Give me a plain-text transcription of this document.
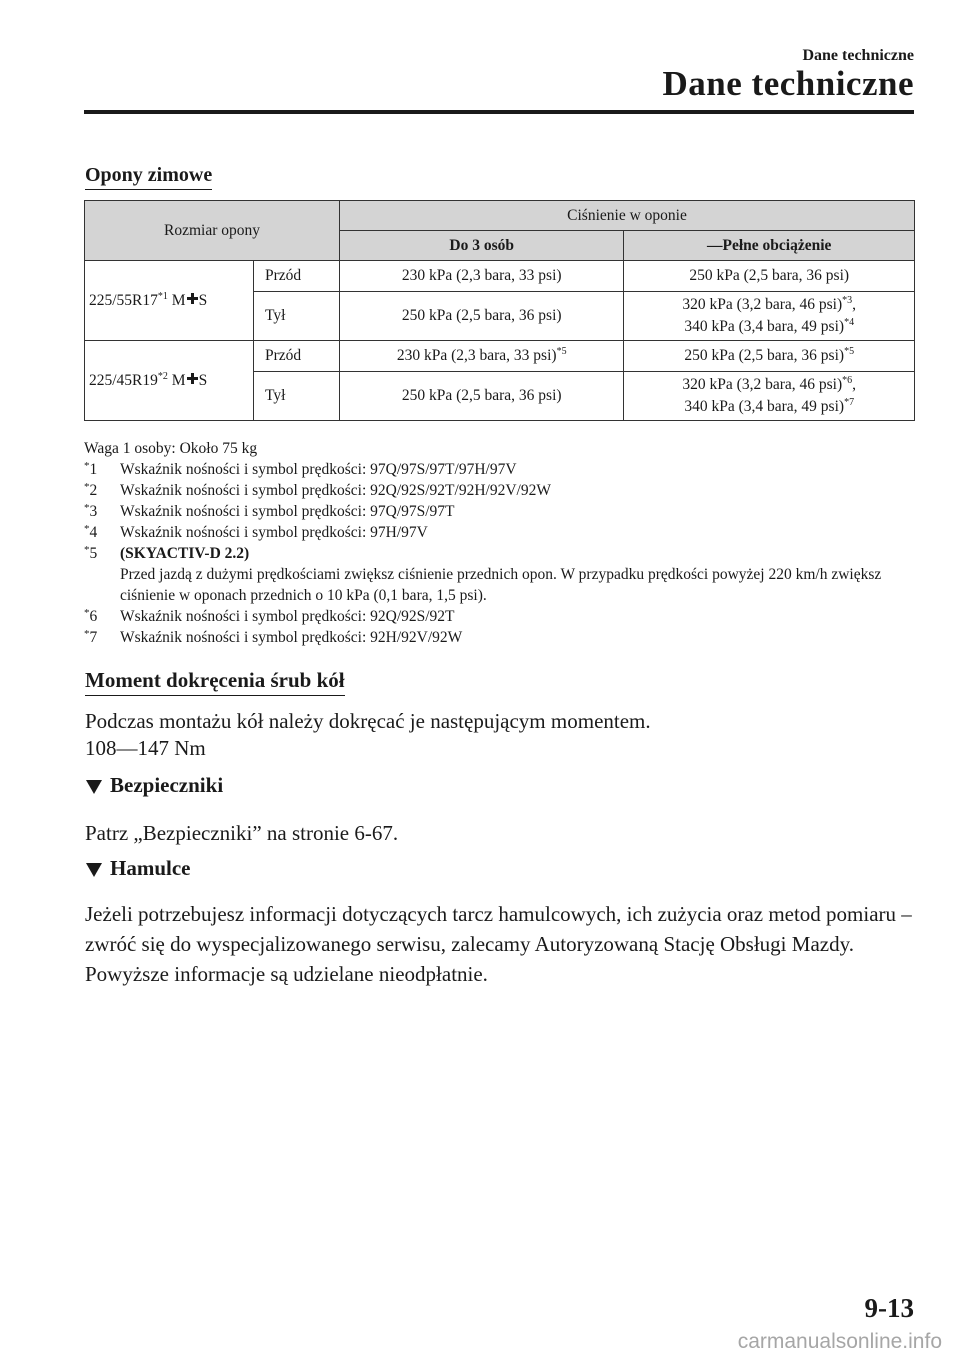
Dane techniczne
Dane techniczne
Opony zimowe
Rozmiar opony		Ciśnienie w oponie	
		Do 3 osób	―Pełne obciążenie
225/55R17$^{*1}$ M S	Przód	230 kPa (2,3 bara, 33 psi)	250 kPa (2,5 bara, 36 psi)
	Tył	250 kPa (2,5 bara, 36 psi)	320 kPa (3,2 bara, 46 psi)$^{*3}$,
340 kPa (3,4 bara, 49 psi)$^{*4}$
225/45R19$^{*2}$ M S	Przód	230 kPa (2,3 bara, 33 psi)$^{*5}$	250 kPa (2,5 bara, 36 psi)$^{*5}$
	Tył	250 kPa (2,5 bara, 36 psi)	320 kPa (3,2 bara, 46 psi)$^{*6}$,
340 kPa (3,4 bara, 49 psi)$^{*7}$
Waga 1 osoby: Około 75 kg
*1 Wskaźnik nośności i symbol prędkości: 97Q/97S/97T/97H/97V
*2 Wskaźnik nośności i symbol prędkości: 92Q/92S/92T/92H/92V/92W
*3 Wskaźnik nośności i symbol prędkości: 97Q/97S/97T
*4 Wskaźnik nośności i symbol prędkości: 97H/97V
*5 (SKYACTIV-D 2.2)
Przed jazdą z dużymi prędkościami zwiększ ciśnienie przednich opon. W przypadku prędkości powyżej 220 km/h zwiększ ciśnienie w oponach przednich o 10 kPa (0,1 bara, 1,5 psi).
*6 Wskaźnik nośności i symbol prędkości: 92Q/92S/92T
*7 Wskaźnik nośności i symbol prędkości: 92H/92V/92W
Moment dokręcenia śrub kół
Podczas montażu kół należy dokręcać je następującym momentem.
108—147 Nm
Bezpieczniki
Patrz „Bezpieczniki” na stronie 6-67.
Hamulce
Jeżeli potrzebujesz informacji dotyczących tarcz hamulcowych, ich zużycia oraz metod pomiaru – zwróć się do wyspecjalizowanego serwisu, zalecamy Autoryzowaną Stację Obsługi Mazdy. Powyższe informacje są udzielane nieodpłatnie.
9-13
carmanualsonline.info
